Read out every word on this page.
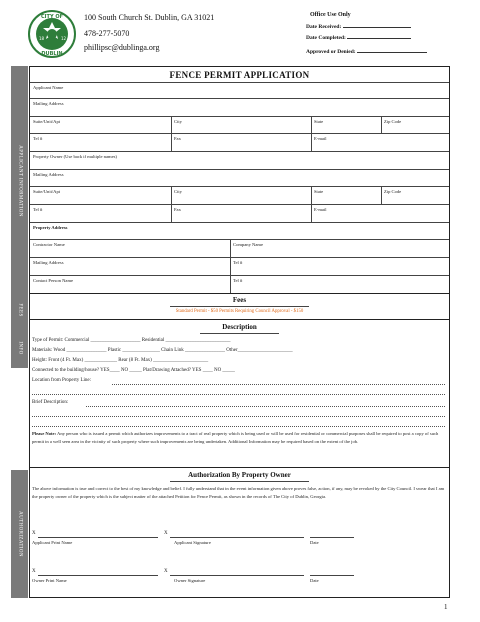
CITY OF
DUBLIN
18	12
100 South Church St. Dublin, GA 31021
478-277-5070
phillipsc@dublinga.org
Office Use Only
Date Received:
Date Completed:
Approved or Denied:
APPLICANT INFORMATION
FEES
INFO
AUTHORIZATION
FENCE PERMIT APPLICATION
Applicant Name
Mailing Address
Suite/Unit/Apt	City	State	Zip Code
Tel #	Fax	E-mail
Property Owner (Use back if multiple names)
Mailing Address
Suite/Unit/Apt	City	State	Zip Code
Tel #	Fax	E-mail
Property Address
Contractor Name	Company Name
Mailing Address	Tel #
Contact Person Name	Tel #
Fees
Standard Permit - $50 Permits Requiring Council Approval - $150
Description
Type of Permit: Commercial ____________________ Residential __________________________
Materials: Wood ________________ Plastic _______________ Chain Link ________________ Other______________________
Height: Front (4 Ft. Max) _____________ Rear (8 Ft. Max) ______________________
Connected to the building/house? YES____ NO _____ Plat/Drawing Attached? YES ____ NO _____
Location from Property Line:
Brief Description:
Please Note: Any person who is issued a permit which authorizes improvements to a tract of real property which is being used or will be used for residential or commercial purposes shall be required to post a copy of such permit in a well seen area in the vicinity of such property where such improvements are being undertaken. Additional Information may be required based on the extent of the job.
Authorization By Property Owner
The above information is true and correct to the best of my knowledge and belief. I fully understand that in the event information given above proves false, action, if any, may be revoked by the City Council. I swear that I am the property owner of the property which is the subject matter of the attached Petition for Fence Permit, as shown in the records of The City of Dublin, Georgia.
X	X
Applicant Print Name	Applicant Signature	Date
X	X
Owner Print Name	Owner Signature	Date
1
